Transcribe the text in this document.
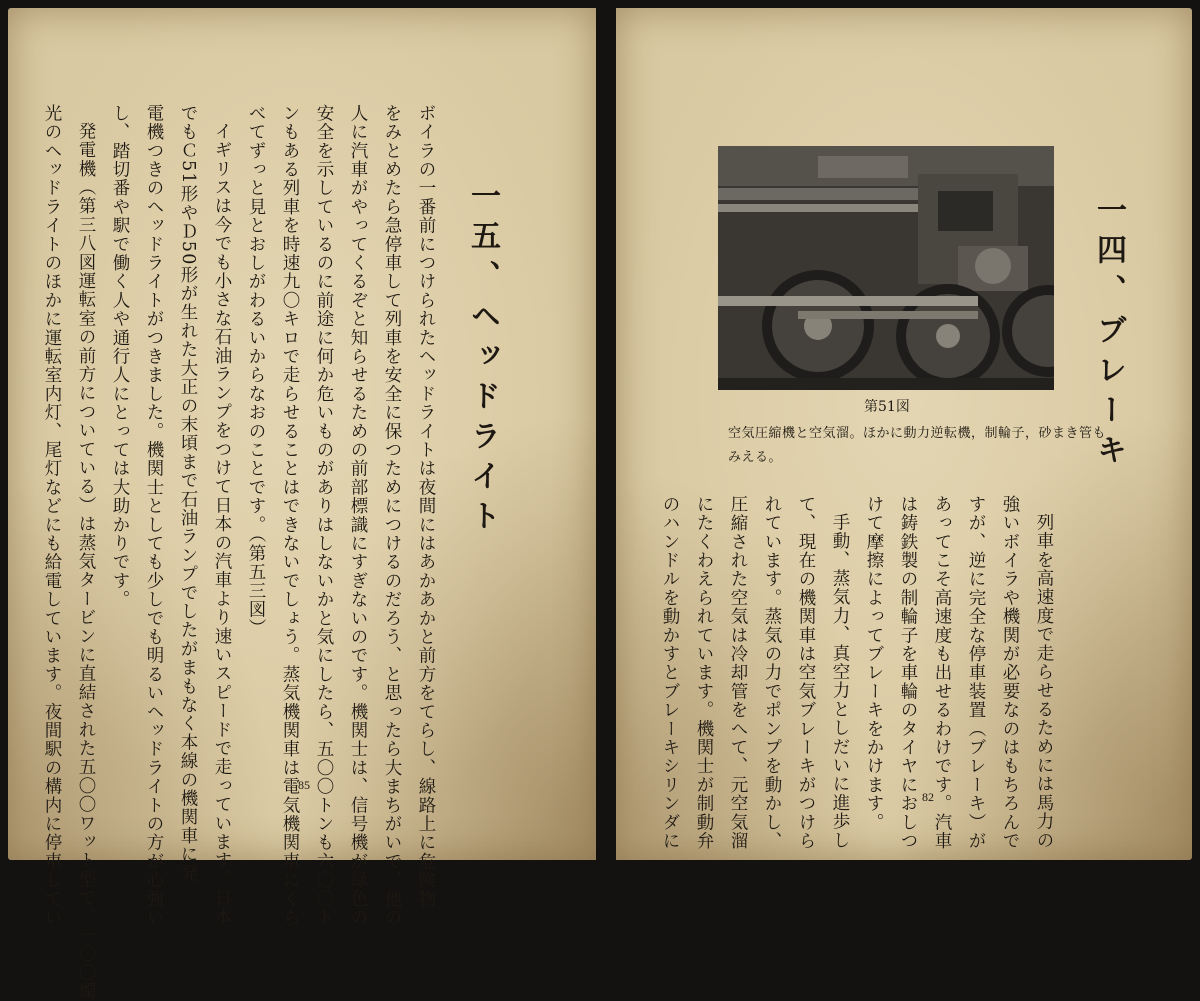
一五、ヘッドライト
ボイラの一番前につけられたヘッドライトは夜間にはあかあかと前方をてらし、線路上に危険物
をみとめたら急停車して列車を安全に保つためにつけるのだろう、と思ったら大まちがいで、他の
人に汽車がやってくるぞと知らせるための前部標識にすぎないのです。機関士は、信号機が緑色の
安全を示しているのに前途に何か危いものがありはしないかと気にしたら、五〇〇トンも六〇〇ト
ンもある列車を時速九〇キロで走らせることはできないでしょう。蒸気機関車は電気機関車にくら
べてずっと見とおしがわるいからなおのことです。（第五三図）
イギリスは今でも小さな石油ランプをつけて日本の汽車より速いスピードで走っています。日本
でもＣ51形やＤ50形が生れた大正の末頃まで石油ランプでしたがまもなく本線の機関車に発
電機つきのヘッドライトがつきました。機関士としても少しでも明るいヘッドライトの方が心強い
し、踏切番や駅で働く人や通行人にとっては大助かりです。
発電機（第三八図運転室の前方についている）は蒸気タービンに直結された五〇〇ワット型で、一〇〇燭
光のヘッドライトのほかに運転室内灯、尾灯などにも給電しています。夜間駅の構内に停車してい	85
一四、ブレーキ
第51図
空気圧縮機と空気溜。ほかに動力逆転機，制輪子，砂まき管も
みえる。
列車を高速度で走らせるためには馬力の
強いボイラや機関が必要なのはもちろんで
すが、逆に完全な停車装置（ブレーキ）が
あってこそ高速度も出せるわけです。汽車
は鋳鉄製の制輪子を車輪のタイヤにおしつ
けて摩擦によってブレーキをかけます。
手動、蒸気力、真空力としだいに進歩し
て、現在の機関車は空気ブレーキがつけら
れています。蒸気の力でポンプを動かし、
圧縮された空気は冷却管をへて、元空気溜
にたくわえられています。機関士が制動弁
のハンドルを動かすとブレーキシリンダに	82
